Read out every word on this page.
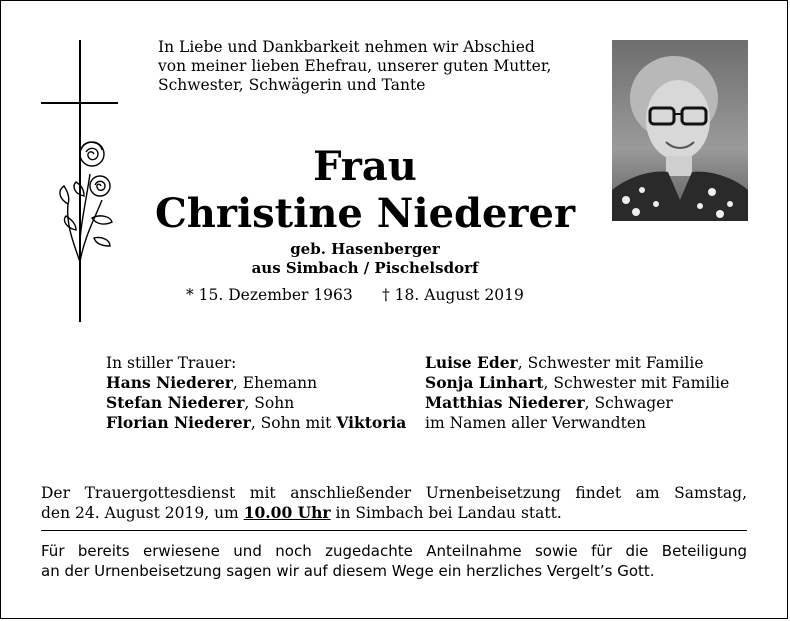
In Liebe und Dankbarkeit nehmen wir Abschied
von meiner lieben Ehefrau, unserer guten Mutter,
Schwester, Schwägerin und Tante
Frau
Christine Niederer
geb. Hasenberger
aus Simbach / Pischelsdorf
* 15. Dezember 1963 † 18. August 2019
In stiller Trauer:
Hans Niederer, Ehemann
Stefan Niederer, Sohn
Florian Niederer, Sohn mit Viktoria
Luise Eder, Schwester mit Familie
Sonja Linhart, Schwester mit Familie
Matthias Niederer, Schwager
im Namen aller Verwandten
Der Trauergottesdienst mit anschließender Urnenbeisetzung findet am Samstag,
den 24. August 2019, um 10.00 Uhr in Simbach bei Landau statt.
Für bereits erwiesene und noch zugedachte Anteilnahme sowie für die Beteiligung
an der Urnenbeisetzung sagen wir auf diesem Wege ein herzliches Vergelt’s Gott.
